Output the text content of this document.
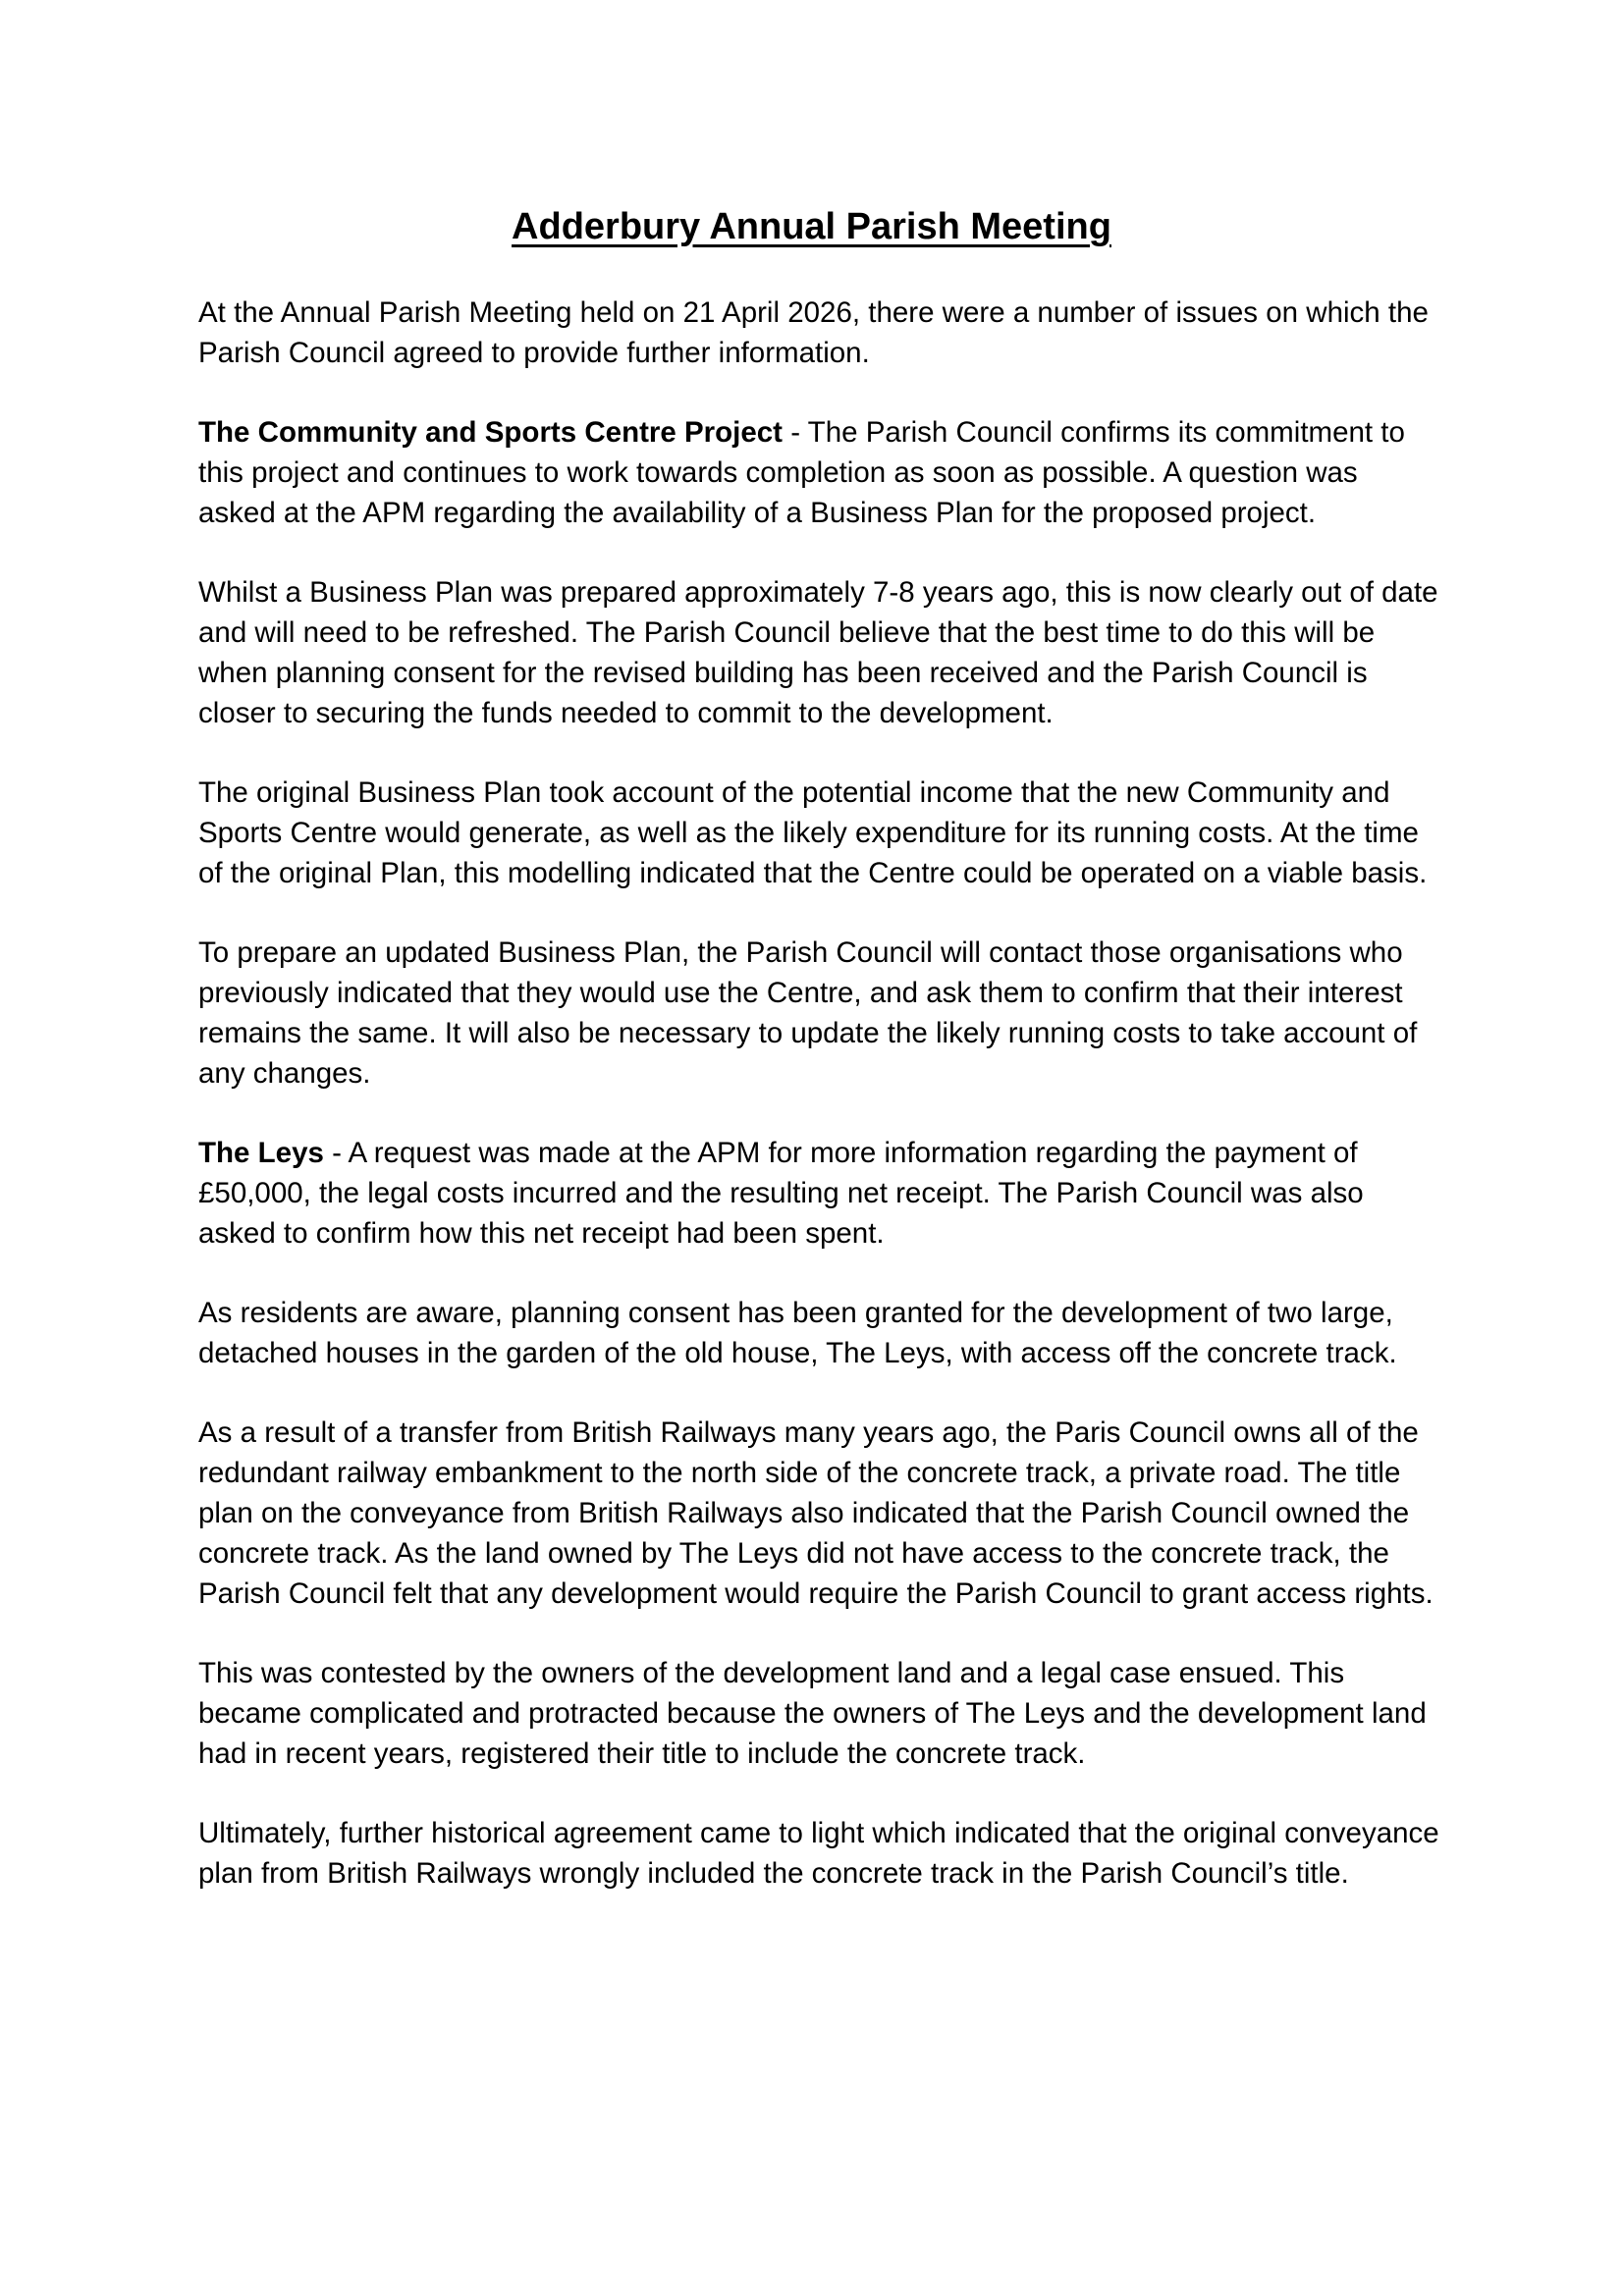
Adderbury Annual Parish Meeting

At the Annual Parish Meeting held on 21 April 2026, there were a number of issues on which the Parish Council agreed to provide further information.

The Community and Sports Centre Project - The Parish Council confirms its commitment to this project and continues to work towards completion as soon as possible. A question was asked at the APM regarding the availability of a Business Plan for the proposed project.

Whilst a Business Plan was prepared approximately 7-8 years ago, this is now clearly out of date and will need to be refreshed. The Parish Council believe that the best time to do this will be when planning consent for the revised building has been received and the Parish Council is closer to securing the funds needed to commit to the development.

The original Business Plan took account of the potential income that the new Community and Sports Centre would generate, as well as the likely expenditure for its running costs. At the time of the original Plan, this modelling indicated that the Centre could be operated on a viable basis.

To prepare an updated Business Plan, the Parish Council will contact those organisations who previously indicated that they would use the Centre, and ask them to confirm that their interest remains the same. It will also be necessary to update the likely running costs to take account of any changes.

The Leys - A request was made at the APM for more information regarding the payment of £50,000, the legal costs incurred and the resulting net receipt. The Parish Council was also asked to confirm how this net receipt had been spent.

As residents are aware, planning consent has been granted for the development of two large, detached houses in the garden of the old house, The Leys, with access off the concrete track.

As a result of a transfer from British Railways many years ago, the Paris Council owns all of the redundant railway embankment to the north side of the concrete track, a private road. The title plan on the conveyance from British Railways also indicated that the Parish Council owned the concrete track. As the land owned by The Leys did not have access to the concrete track, the Parish Council felt that any development would require the Parish Council to grant access rights.

This was contested by the owners of the development land and a legal case ensued. This became complicated and protracted because the owners of The Leys and the development land had in recent years, registered their title to include the concrete track.

Ultimately, further historical agreement came to light which indicated that the original conveyance plan from British Railways wrongly included the concrete track in the Parish Council’s title.
